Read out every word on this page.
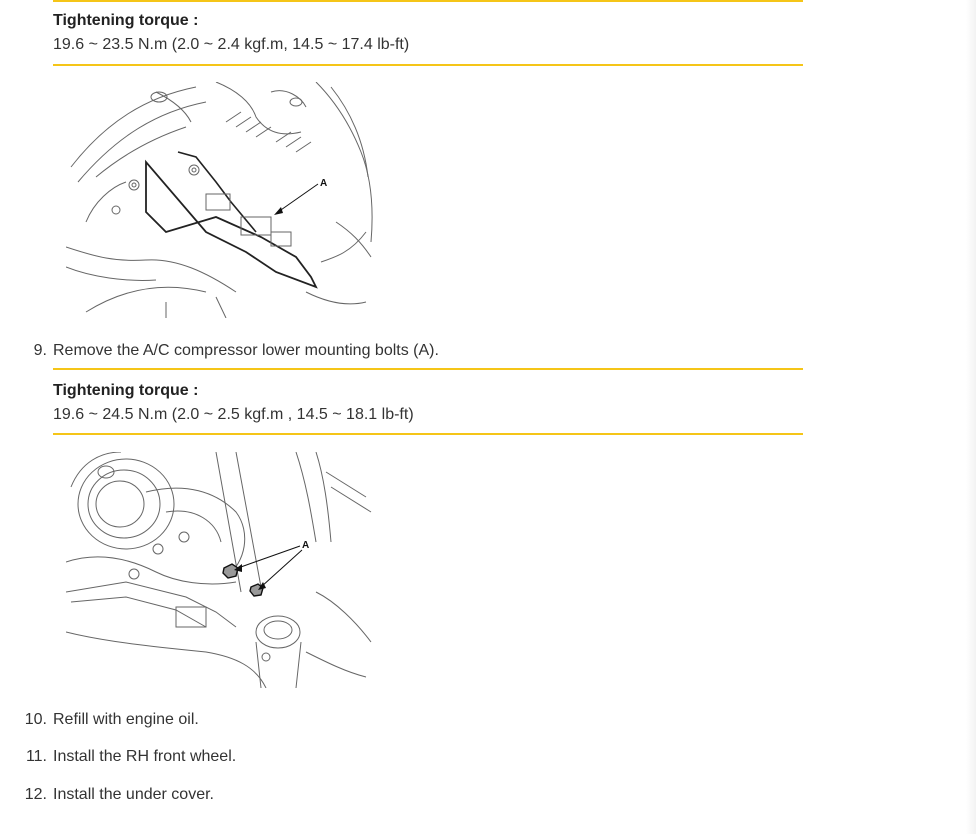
Tightening torque :
19.6 ~ 23.5 N.m (2.0 ~ 2.4 kgf.m, 14.5 ~ 17.4 lb-ft)
A
9. Remove the A/C compressor lower mounting bolts (A).
Tightening torque :
19.6 ~ 24.5 N.m (2.0 ~ 2.5 kgf.m , 14.5 ~ 18.1 lb-ft)
A
10. Refill with engine oil.
11. Install the RH front wheel.
12. Install the under cover.
